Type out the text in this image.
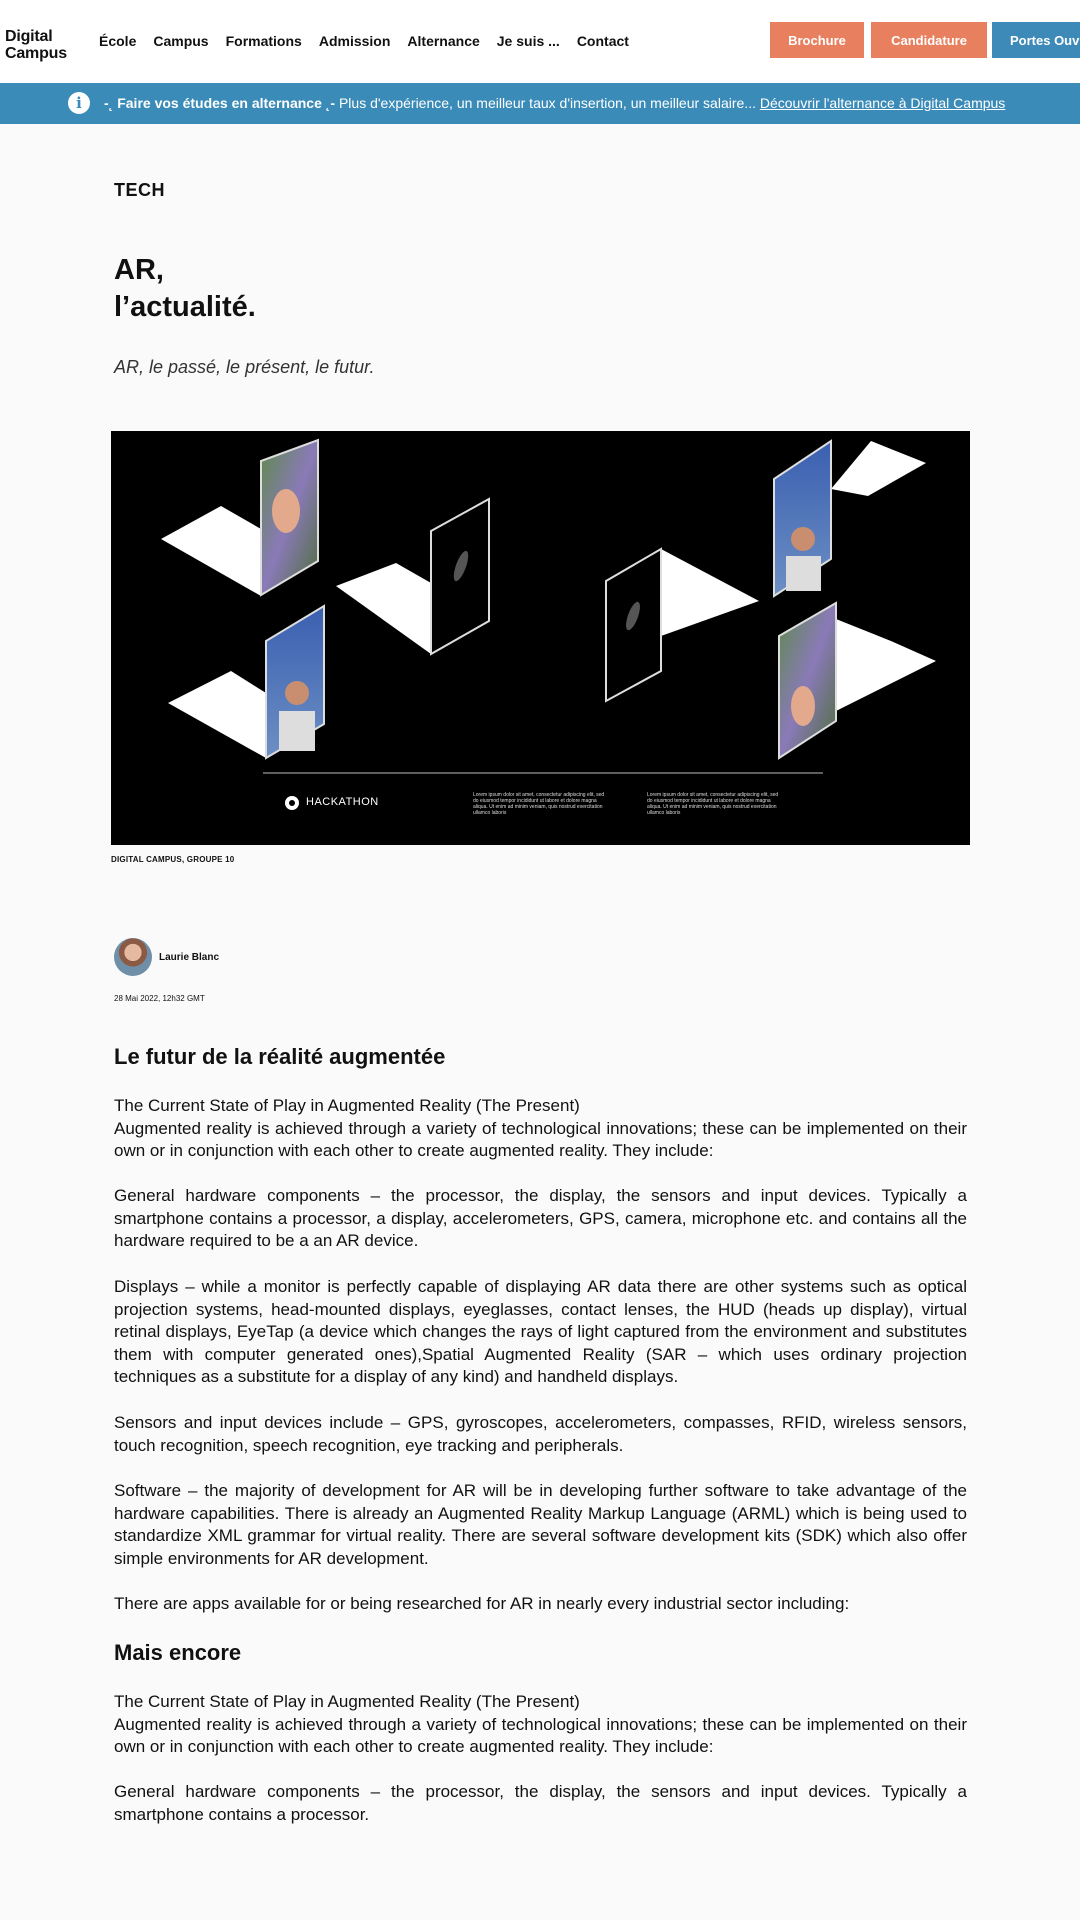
Digital
Campus
École Campus Formations Admission Alternance Je suis ... Contact	Brochure	Candidature	Portes Ouv
i	-˛ Faire vos études en alternance ˛- Plus d'expérience, un meilleur taux d'insertion, un meilleur salaire... Découvrir l'alternance à Digital Campus
TECH
AR,
l’actualité.
AR, le passé, le présent, le futur.
HACKATHON
Lorem ipsum dolor sit amet, consectetur adipiscing elit, sed do eiusmod tempor incididunt ut labore et dolore magna aliqua. Ut enim ad minim veniam, quis nostrud exercitation ullamco laboris
Lorem ipsum dolor sit amet, consectetur adipiscing elit, sed do eiusmod tempor incididunt ut labore et dolore magna aliqua. Ut enim ad minim veniam, quis nostrud exercitation ullamco laboris
DIGITAL CAMPUS, GROUPE 10
Laurie Blanc
28 Mai 2022, 12h32 GMT
Le futur de la réalité augmentée

The Current State of Play in Augmented Reality (The Present)
Augmented reality is achieved through a variety of technological innovations; these can be implemented on their own or in conjunction with each other to create augmented reality. They include:

General hardware components – the processor, the display, the sensors and input devices. Typically a smartphone contains a processor, a display, accelerometers, GPS, camera, microphone etc. and contains all the hardware required to be a an AR device.

Displays – while a monitor is perfectly capable of displaying AR data there are other systems such as optical projection systems, head-mounted displays, eyeglasses, contact lenses, the HUD (heads up display), virtual retinal displays, EyeTap (a device which changes the rays of light captured from the environment and substitutes them with computer generated ones),Spatial Augmented Reality (SAR – which uses ordinary projection techniques as a substitute for a display of any kind) and handheld displays.

Sensors and input devices include – GPS, gyroscopes, accelerometers, compasses, RFID, wireless sensors, touch recognition, speech recognition, eye tracking and peripherals.

Software – the majority of development for AR will be in developing further software to take advantage of the hardware capabilities. There is already an Augmented Reality Markup Language (ARML) which is being used to standardize XML grammar for virtual reality. There are several software development kits (SDK) which also offer simple environments for AR development.

There are apps available for or being researched for AR in nearly every industrial sector including:

Mais encore

The Current State of Play in Augmented Reality (The Present)
Augmented reality is achieved through a variety of technological innovations; these can be implemented on their own or in conjunction with each other to create augmented reality. They include:

General hardware components – the processor, the display, the sensors and input devices. Typically a smartphone contains a processor.
